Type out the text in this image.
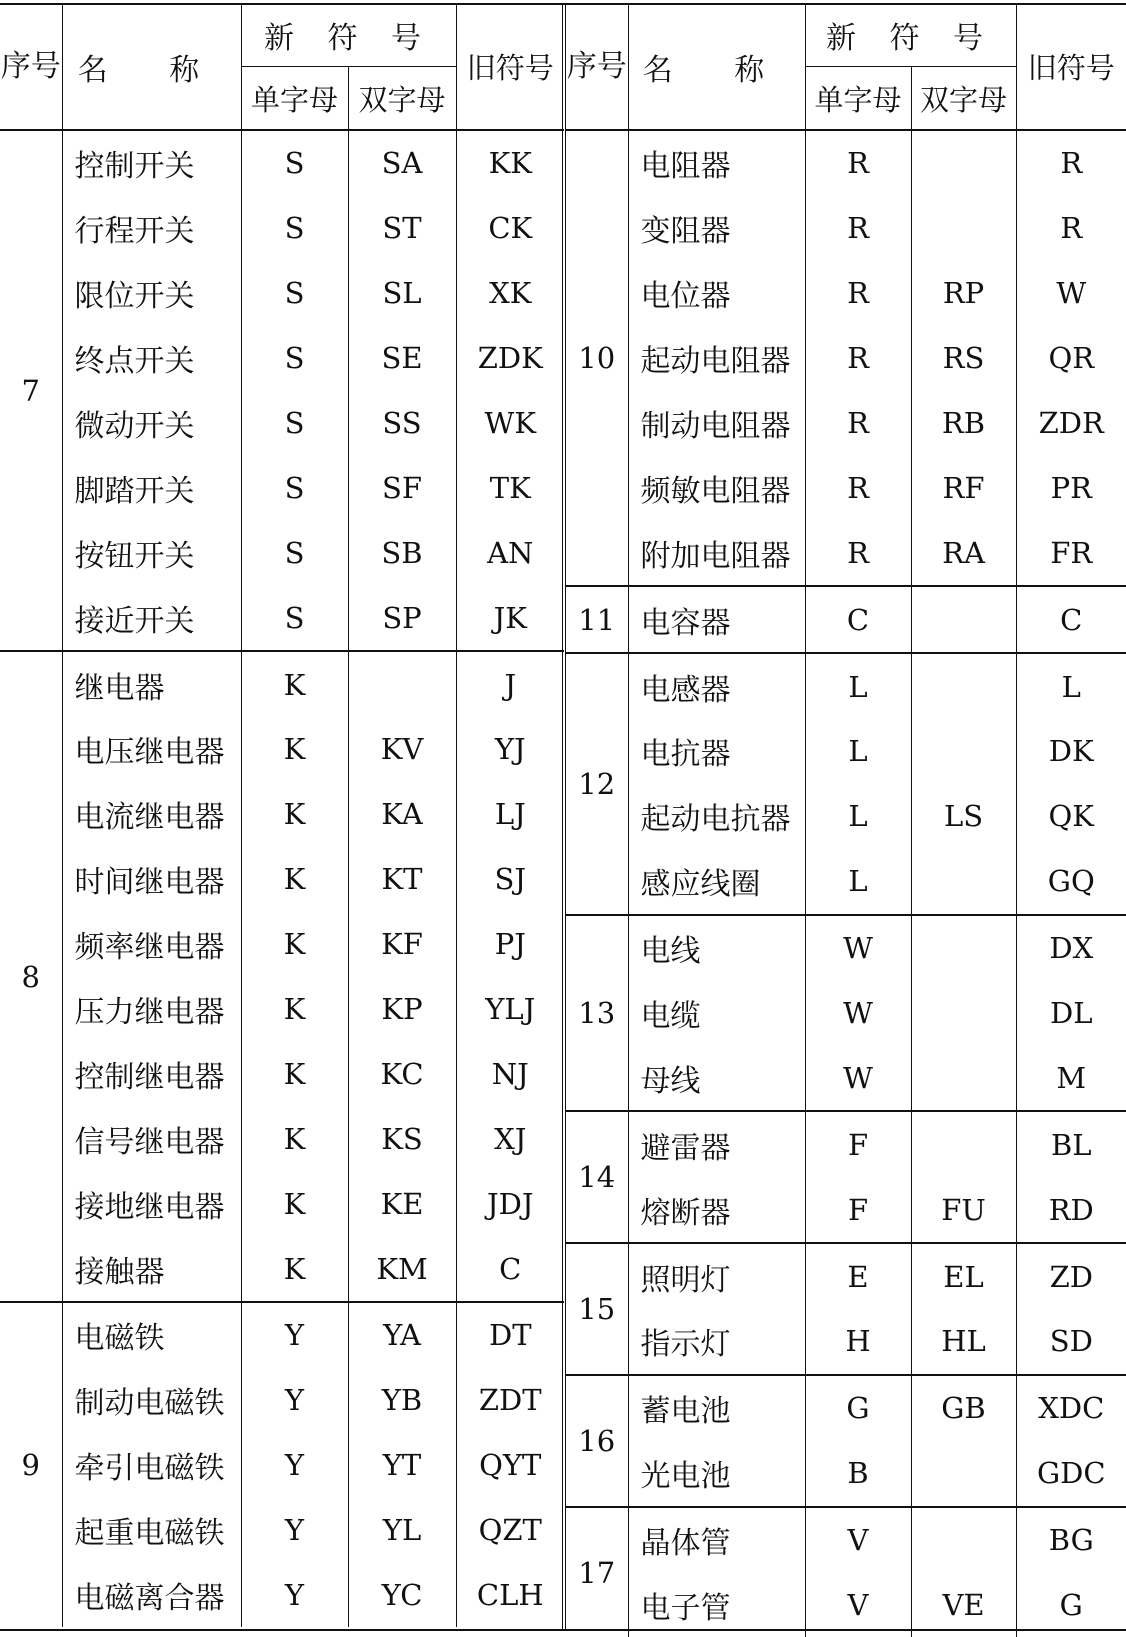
序号	名 称	新 符 号		旧符号
		单字母	双字母	
7	控制开关	S	SA	KK
	行程开关	S	ST	CK
	限位开关	S	SL	XK
	终点开关	S	SE	ZDK
	微动开关	S	SS	WK
	脚踏开关	S	SF	TK
	按钮开关	S	SB	AN
	接近开关	S	SP	JK
8	继电器	K		J
	电压继电器	K	KV	YJ
	电流继电器	K	KA	LJ
	时间继电器	K	KT	SJ
	频率继电器	K	KF	PJ
	压力继电器	K	KP	YLJ
	控制继电器	K	KC	NJ
	信号继电器	K	KS	XJ
	接地继电器	K	KE	JDJ
	接触器	K	KM	C
9	电磁铁	Y	YA	DT
	制动电磁铁	Y	YB	ZDT
	牵引电磁铁	Y	YT	QYT
	起重电磁铁	Y	YL	QZT
	电磁离合器	Y	YC	CLH
序号	名 称	新 符 号		旧符号
		单字母	双字母	
10	电阻器	R		R
	变阻器	R		R
	电位器	R	RP	W
	起动电阻器	R	RS	QR
	制动电阻器	R	RB	ZDR
	频敏电阻器	R	RF	PR
	附加电阻器	R	RA	FR
11	电容器	C		C
12	电感器	L		L
	电抗器	L		DK
	起动电抗器	L	LS	QK
	感应线圈	L		GQ
13	电线	W		DX
	电缆	W		DL
	母线	W		M
14	避雷器	F		BL
	熔断器	F	FU	RD
15	照明灯	E	EL	ZD
	指示灯	H	HL	SD
16	蓄电池	G	GB	XDC
	光电池	B		GDC
17	晶体管	V		BG
	电子管	V	VE	G
